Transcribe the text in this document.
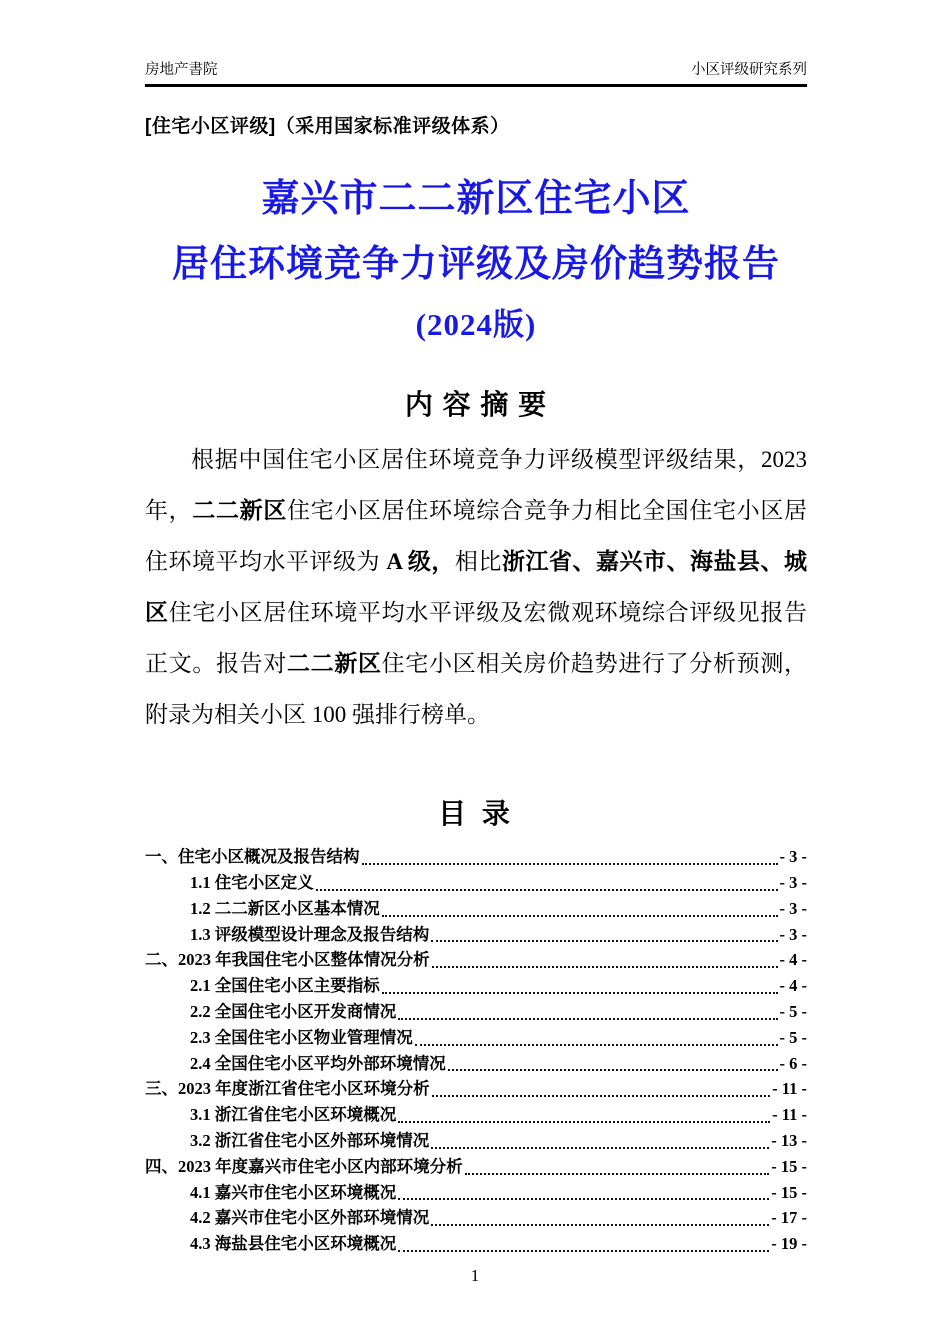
房地产書院	小区评级研究系列
[住宅小区评级]（采用国家标准评级体系）
嘉兴市二二新区住宅小区
居住环境竞争力评级及房价趋势报告
(2024版)
内 容 摘 要

根据中国住宅小区居住环境竞争力评级模型评级结果，2023 年，二二新区住宅小区居住环境综合竞争力相比全国住宅小区居住环境平均水平评级为 A 级，相比浙江省、嘉兴市、海盐县、城区住宅小区居住环境平均水平评级及宏微观环境综合评级见报告正文。报告对二二新区住宅小区相关房价趋势进行了分析预测，附录为相关小区 100 强排行榜单。

目 录
一、住宅小区概况及报告结构	- 3 -
1.1 住宅小区定义	- 3 -
1.2 二二新区小区基本情况	- 3 -
1.3 评级模型设计理念及报告结构	- 3 -
二、2023 年我国住宅小区整体情况分析	- 4 -
2.1 全国住宅小区主要指标	- 4 -
2.2 全国住宅小区开发商情况	- 5 -
2.3 全国住宅小区物业管理情况	- 5 -
2.4 全国住宅小区平均外部环境情况	- 6 -
三、2023 年度浙江省住宅小区环境分析	- 11 -
3.1 浙江省住宅小区环境概况	- 11 -
3.2 浙江省住宅小区外部环境情况	- 13 -
四、2023 年度嘉兴市住宅小区内部环境分析	- 15 -
4.1 嘉兴市住宅小区环境概况	- 15 -
4.2 嘉兴市住宅小区外部环境情况	- 17 -
4.3 海盐县住宅小区环境概况	- 19 -
1
